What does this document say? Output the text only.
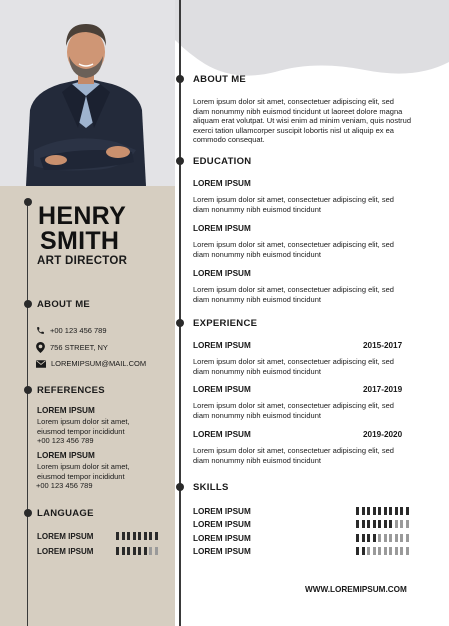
HENRY
SMITH
ART DIRECTOR
ABOUT ME
+00 123 456 789
756 STREET, NY
LOREMIPSUM@MAIL.COM
REFERENCES
LOREM IPSUM
Lorem ipsum dolor sit amet, eiusmod tempor incididunt
+00 123 456 789
LOREM IPSUM
Lorem ipsum dolor sit amet, eiusmod tempor incididunt
+00 123 456 789
LANGUAGE
LOREM IPSUM
LOREM IPSUM
ABOUT ME
Lorem ipsum dolor sit amet, consectetuer adipiscing elit, sed diam nonummy nibh euismod tincidunt ut laoreet dolore magna aliquam erat volutpat. Ut wisi enim ad minim veniam, quis nostrud exerci tation ullamcorper suscipit lobortis nisl ut aliquip ex ea commodo consequat.
EDUCATION
LOREM IPSUM
Lorem ipsum dolor sit amet, consectetuer adipiscing elit, sed diam nonummy nibh euismod tincidunt
LOREM IPSUM
Lorem ipsum dolor sit amet, consectetuer adipiscing elit, sed diam nonummy nibh euismod tincidunt
LOREM IPSUM
Lorem ipsum dolor sit amet, consectetuer adipiscing elit, sed diam nonummy nibh euismod tincidunt
EXPERIENCE
LOREM IPSUM	2015-2017
Lorem ipsum dolor sit amet, consectetuer adipiscing elit, sed diam nonummy nibh euismod tincidunt
LOREM IPSUM	2017-2019
Lorem ipsum dolor sit amet, consectetuer adipiscing elit, sed diam nonummy nibh euismod tincidunt
LOREM IPSUM	2019-2020
Lorem ipsum dolor sit amet, consectetuer adipiscing elit, sed diam nonummy nibh euismod tincidunt
SKILLS
LOREM IPSUM
LOREM IPSUM
LOREM IPSUM
LOREM IPSUM
WWW.LOREMIPSUM.COM
